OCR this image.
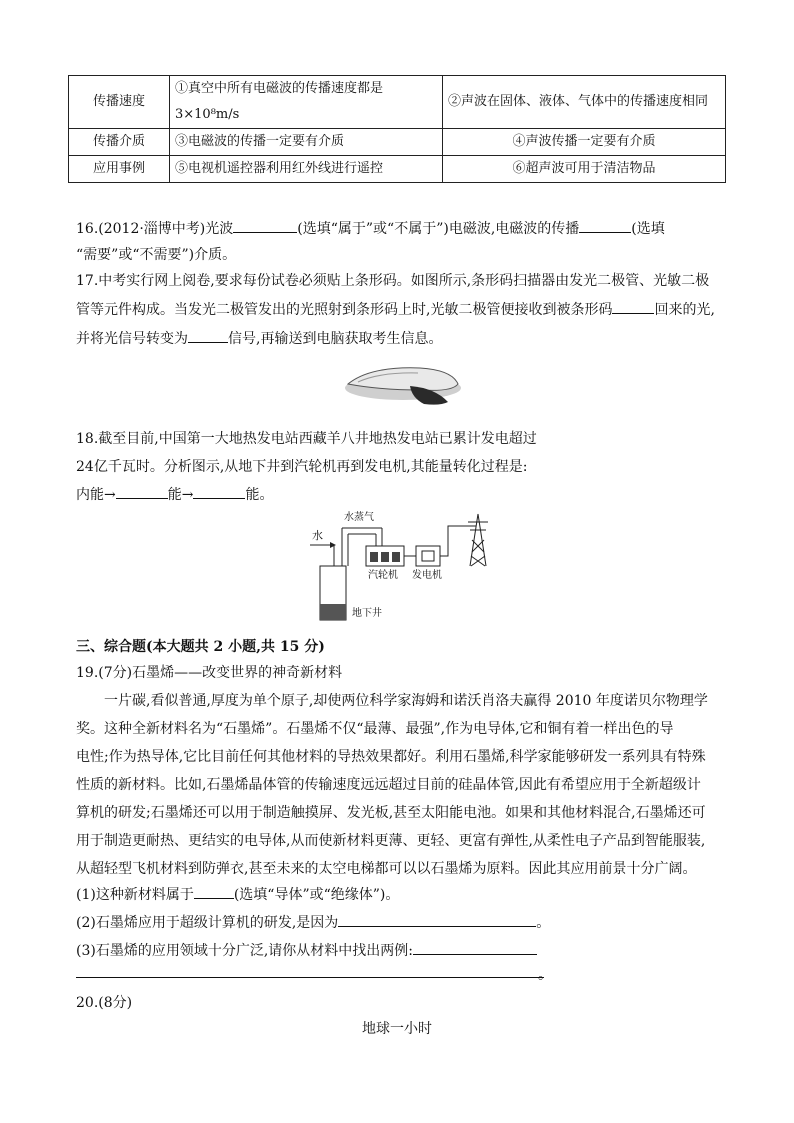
传播速度	①真空中所有电磁波的传播速度都是 3×10⁸m/s	②声波在固体、液体、气体中的传播速度相同
传播介质	③电磁波的传播一定要有介质	④声波传播一定要有介质
应用事例	⑤电视机遥控器利用红外线进行遥控	⑥超声波可用于清洁物品
16.(2012·淄博中考)光波	(选填“属于”或“不属于”)电磁波,电磁波的传播	(选填
“需要”或“不需要”)介质。
17.中考实行网上阅卷,要求每份试卷必须贴上条形码。如图所示,条形码扫描器由发光二极管、光敏二极
管等元件构成。当发光二极管发出的光照射到条形码上时,光敏二极管便接收到被条形码	回来的光,
并将光信号转变为	信号,再输送到电脑获取考生信息。
18.截至目前,中国第一大地热发电站西藏羊八井地热发电站已累计发电超过
24亿千瓦时。分析图示,从地下井到汽轮机再到发电机,其能量转化过程是:
内能→	能→	能。
水
水蒸气
汽轮机 发电机
地下井
三、综合题(本大题共 2 小题,共 15 分)
19.(7分)石墨烯——改变世界的神奇新材料
一片碳,看似普通,厚度为单个原子,却使两位科学家海姆和诺沃肖洛夫赢得 2010 年度诺贝尔物理学
奖。这种全新材料名为“石墨烯”。石墨烯不仅“最薄、最强”,作为电导体,它和铜有着一样出色的导
电性;作为热导体,它比目前任何其他材料的导热效果都好。利用石墨烯,科学家能够研发一系列具有特殊
性质的新材料。比如,石墨烯晶体管的传输速度远远超过目前的硅晶体管,因此有希望应用于全新超级计
算机的研发;石墨烯还可以用于制造触摸屏、发光板,甚至太阳能电池。如果和其他材料混合,石墨烯还可
用于制造更耐热、更结实的电导体,从而使新材料更薄、更轻、更富有弹性,从柔性电子产品到智能服装,
从超轻型飞机材料到防弹衣,甚至未来的太空电梯都可以以石墨烯为原料。因此其应用前景十分广阔。
(1)这种新材料属于	(选填“导体”或“绝缘体”)。
(2)石墨烯应用于超级计算机的研发,是因为	。
(3)石墨烯的应用领域十分广泛,请你从材料中找出两例:
。
20.(8分)
地球一小时
